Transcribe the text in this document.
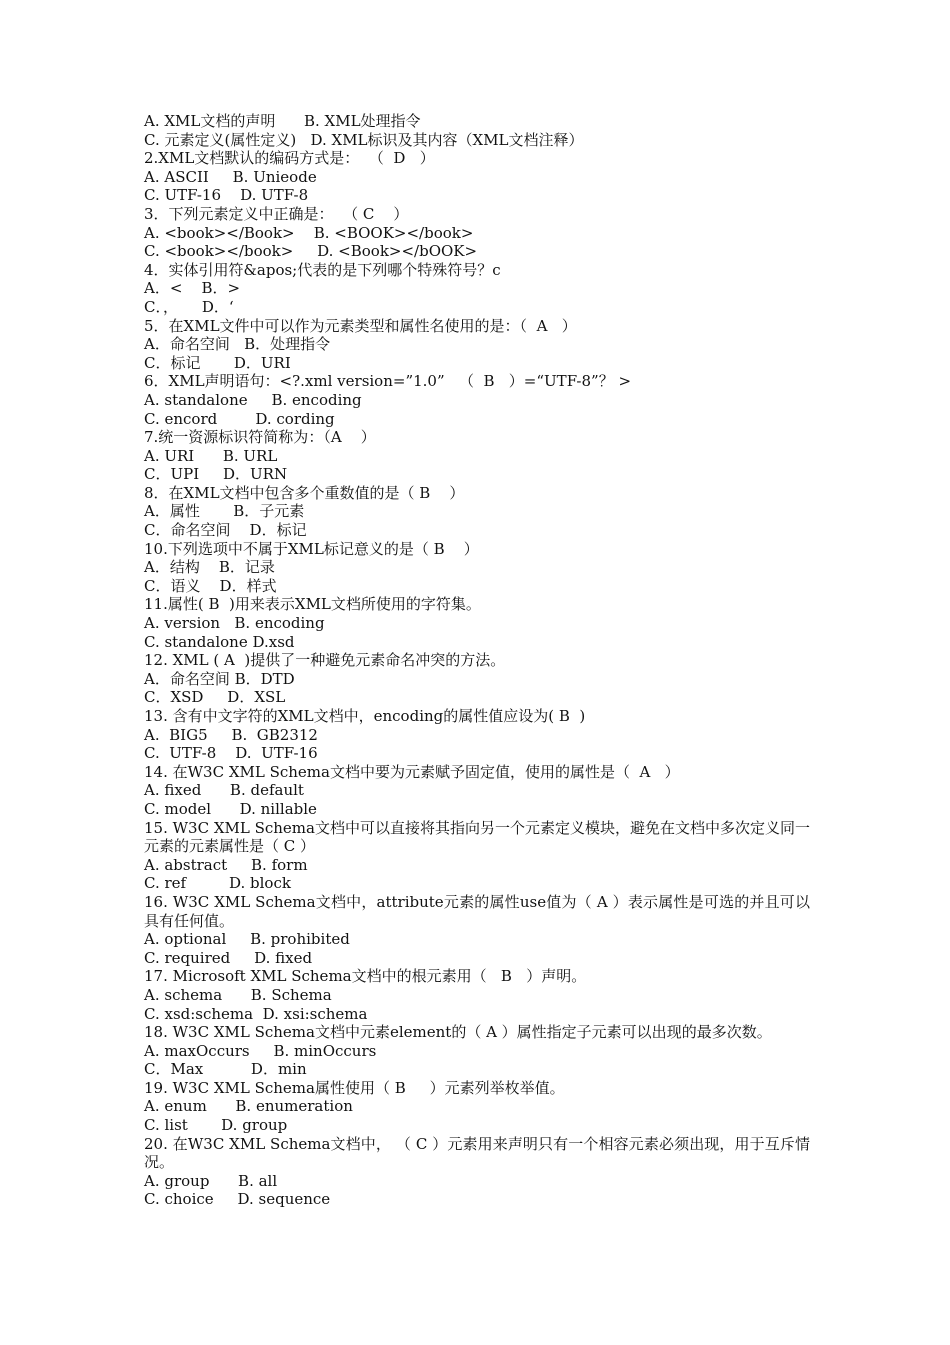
A. XML文档的声明      B. XML处理指令
C. 元素定义(属性定义)   D. XML标识及其内容（XML文档注释）
2.XML文档默认的编码方式是：  （  D   ）
A. ASCII     B. Unieode
C. UTF-16    D. UTF-8
3．下列元素定义中正确是：  （ C    ）
A. <book></Book>    B. <BOOK></book>
C. <book></book>     D. <Book></bOOK>
4．实体引用符&apos;代表的是下列哪个特殊符号？c
A．<    B．>
C．，     D．‘
5．在XML文件中可以作为元素类型和属性名使用的是：（  A   ）
A．命名空间   B．处理指令
C．标记       D．URI
6．XML声明语句：<?.xml version=”1.0”   （  B   ）=“UTF-8”？ >
A. standalone     B. encoding
C. encord        D. cording
7.统一资源标识符简称为：（A    ）
A. URI      B. URL
C．UPI     D．URN
8．在XML文档中包含多个重数值的是（ B    ）
A．属性       B．子元素
C．命名空间    D．标记
10.下列选项中不属于XML标记意义的是（ B    ）
A．结构    B．记录
C．语义    D．样式
11.属性( B  )用来表示XML文档所使用的字符集。
A. version   B. encoding
C. standalone D.xsd
12. XML ( A  )提供了一种避免元素命名冲突的方法。
A．命名空间 B．DTD
C．XSD     D．XSL
13. 含有中文字符的XML文档中，encoding的属性值应设为( B  )
A.  BIG5     B.  GB2312
C.  UTF-8    D.  UTF-16
14. 在W3C XML Schema文档中要为元素赋予固定值，使用的属性是（  A   ）
A. fixed      B. default
C. model      D. nillable
15. W3C XML Schema文档中可以直接将其指向另一个元素定义模块，避免在文档中多次定义同一元素的元素属性是（ C ）
A. abstract     B. form
C. ref         D. block
16. W3C XML Schema文档中，attribute元素的属性use值为（ A ）表示属性是可选的并且可以具有任何值。
A. optional     B. prohibited
C. required     D. fixed
17. Microsoft XML Schema文档中的根元素用（   B   ）声明。
A. schema      B. Schema
C. xsd:schema  D. xsi:schema
18. W3C XML Schema文档中元素element的（ A ）属性指定子元素可以出现的最多次数。
A. maxOccurs     B. minOccurs
C．Max          D．min
19. W3C XML Schema属性使用（ B     ）元素列举枚举值。
A. enum      B. enumeration
C. list       D. group
20. 在W3C XML Schema文档中， （ C ）元素用来声明只有一个相容元素必须出现，用于互斥情况。
A. group      B. all
C. choice     D. sequence
